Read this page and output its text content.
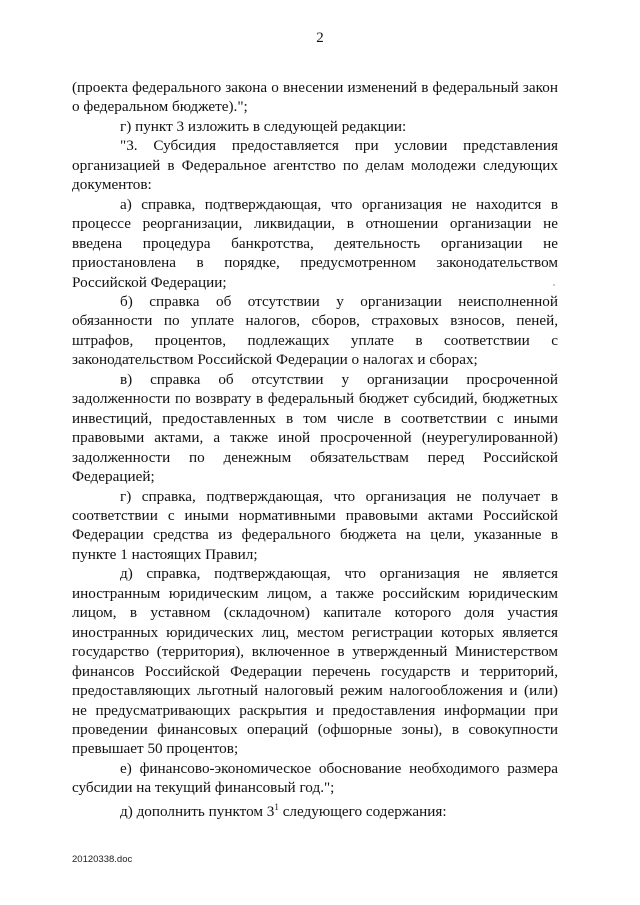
2

(проекта федерального закона о внесении изменений в федеральный закон

о федеральном бюджете).";

г) пункт 3 изложить в следующей редакции:

"3. Субсидия предоставляется при условии представления организацией в Федеральное агентство по делам молодежи следующих документов:

а) справка, подтверждающая, что организация не находится в процессе реорганизации, ликвидации, в отношении организации не введена процедура банкротства, деятельность организации не приостановлена в порядке, предусмотренном законодательством Российской Федерации;

б) справка об отсутствии у организации неисполненной обязанности по уплате налогов, сборов, страховых взносов, пеней, штрафов, процентов, подлежащих уплате в соответствии с законодательством Российской Федерации о налогах и сборах;

в) справка об отсутствии у организации просроченной задолженности по возврату в федеральный бюджет субсидий, бюджетных инвестиций, предоставленных в том числе в соответствии с иными правовыми актами, а также иной просроченной (неурегулированной) задолженности по денежным обязательствам перед Российской Федерацией;

г) справка, подтверждающая, что организация не получает в соответствии с иными нормативными правовыми актами Российской Федерации средства из федерального бюджета на цели, указанные в пункте 1 настоящих Правил;

д) справка, подтверждающая, что организация не является иностранным юридическим лицом, а также российским юридическим лицом, в уставном (складочном) капитале которого доля участия иностранных юридических лиц, местом регистрации которых является государство (территория), включенное в утвержденный Министерством финансов Российской Федерации перечень государств и территорий, предоставляющих льготный налоговый режим налогообложения и (или) не предусматривающих раскрытия и предоставления информации при проведении финансовых операций (офшорные зоны), в совокупности превышает 50 процентов;

е) финансово-экономическое обоснование необходимого размера субсидии на текущий финансовый год.";

д) дополнить пунктом $3^1$ следующего содержания:

20120338.doc
